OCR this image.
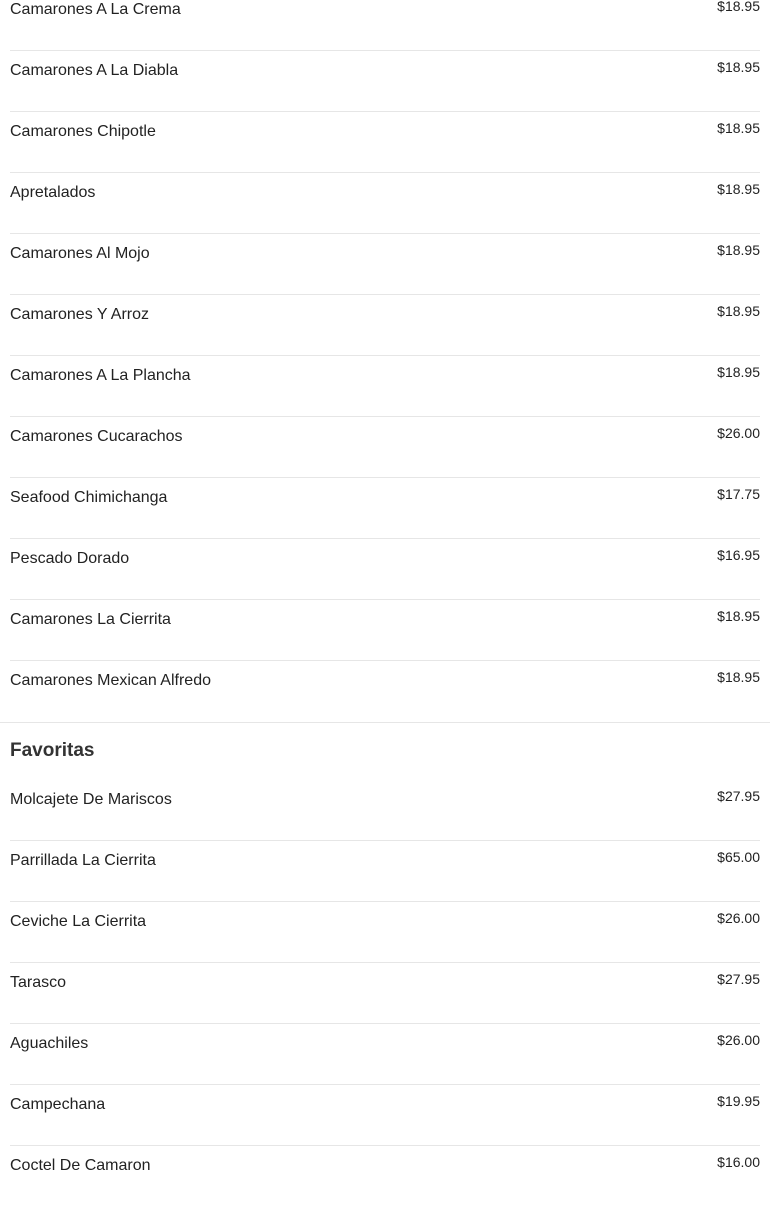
Camarones A La Crema	$18.95
Camarones A La Diabla	$18.95
Camarones Chipotle	$18.95
Apretalados	$18.95
Camarones Al Mojo	$18.95
Camarones Y Arroz	$18.95
Camarones A La Plancha	$18.95
Camarones Cucarachos	$26.00
Seafood Chimichanga	$17.75
Pescado Dorado	$16.95
Camarones La Cierrita	$18.95
Camarones Mexican Alfredo	$18.95
Favoritas
Molcajete De Mariscos	$27.95
Parrillada La Cierrita	$65.00
Ceviche La Cierrita	$26.00
Tarasco	$27.95
Aguachiles	$26.00
Campechana	$19.95
Coctel De Camaron	$16.00
